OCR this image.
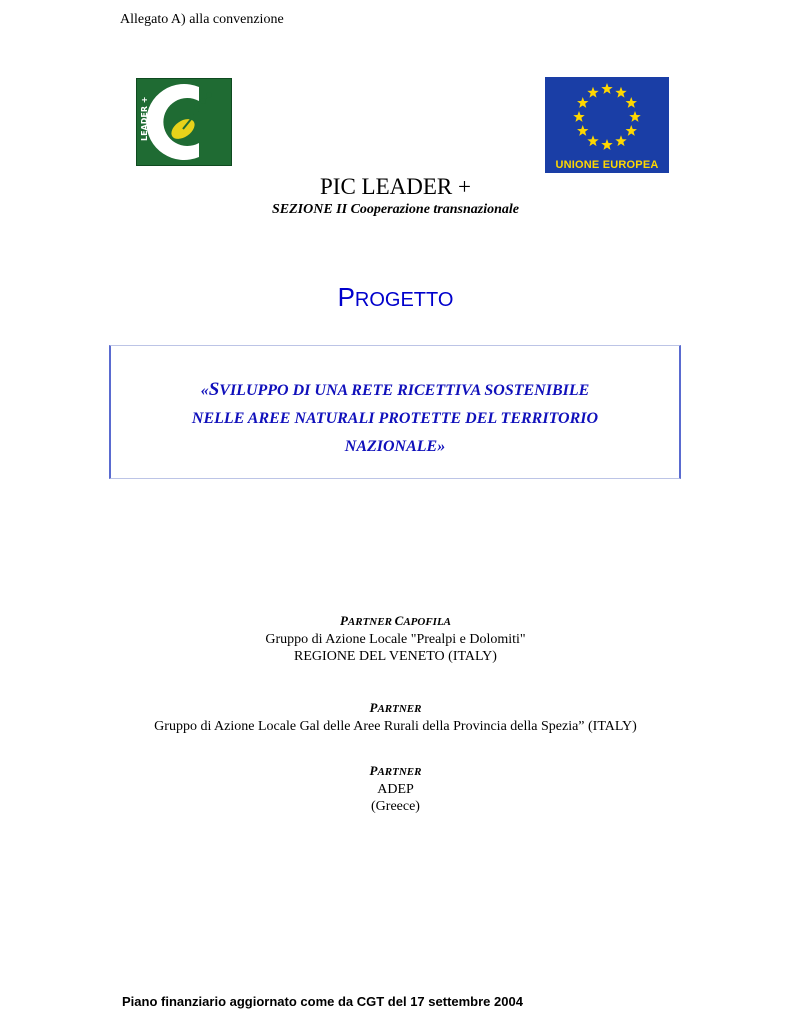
Allegato A) alla convenzione
LEADER +
UNIONE EUROPEA
PIC LEADER +
SEZIONE II Cooperazione transnazionale
PROGETTO
«SVILUPPO DI UNA RETE RICETTIVA SOSTENIBILE
NELLE AREE NATURALI PROTETTE DEL TERRITORIO
NAZIONALE»
PARTNER CAPOFILA
Gruppo di Azione Locale "Prealpi e Dolomiti"
REGIONE DEL VENETO (ITALY)
PARTNER
Gruppo di Azione Locale Gal delle Aree Rurali della Provincia della Spezia” (ITALY)
PARTNER
ADEP
(Greece)
Piano finanziario aggiornato come da CGT del 17 settembre 2004
